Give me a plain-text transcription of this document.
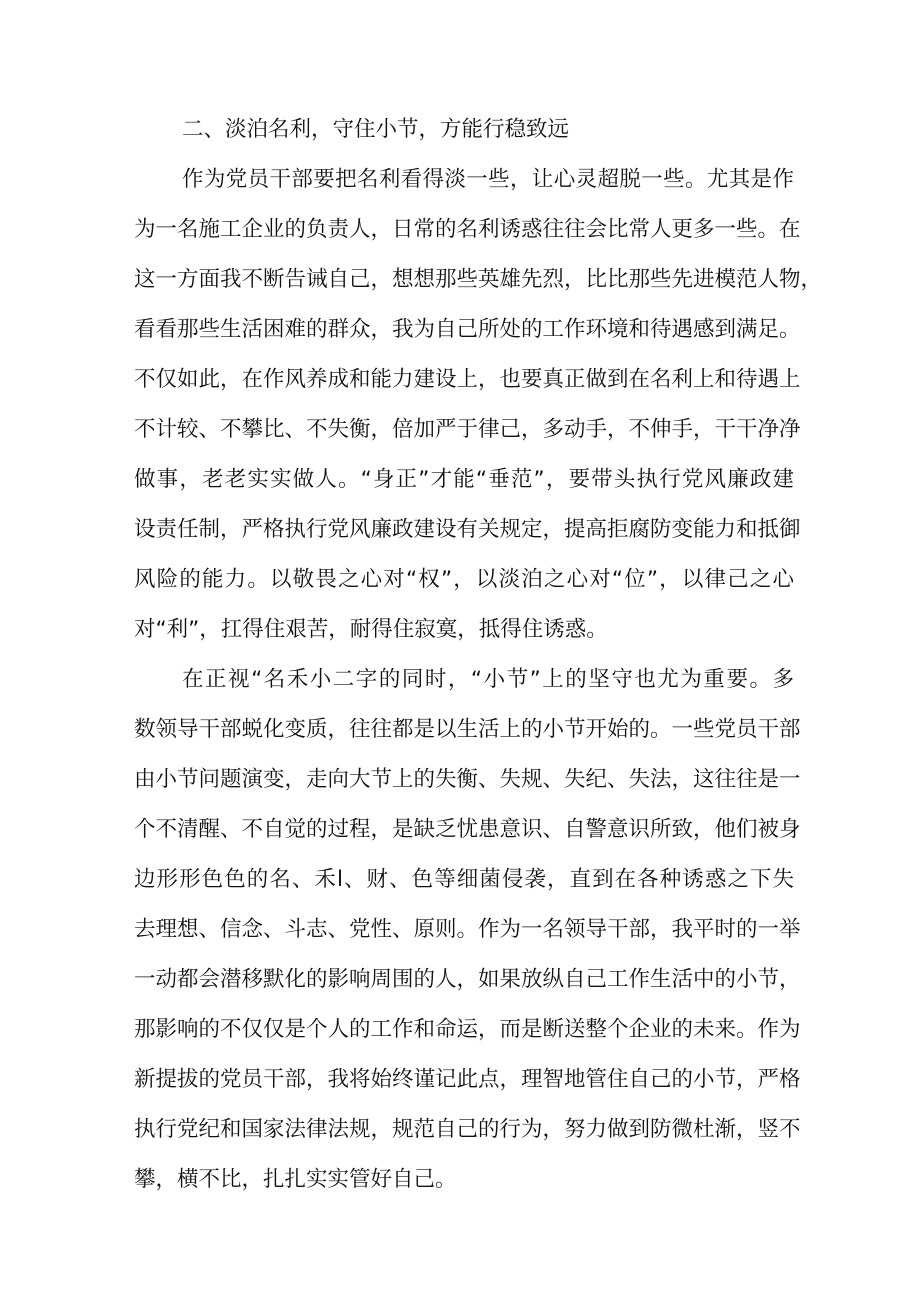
二、淡泊名利，守住小节，方能行稳致远
作为党员干部要把名利看得淡一些，让心灵超脱一些。尤其是作
为一名施工企业的负责人，日常的名利诱惑往往会比常人更多一些。在
这一方面我不断告诫自己，想想那些英雄先烈，比比那些先进模范人物，
看看那些生活困难的群众，我为自己所处的工作环境和待遇感到满足。
不仅如此，在作风养成和能力建设上，也要真正做到在名利上和待遇上
不计较、不攀比、不失衡，倍加严于律己，多动手，不伸手，干干净净
做事，老老实实做人。“身正”才能“垂范”，要带头执行党风廉政建
设责任制，严格执行党风廉政建设有关规定，提高拒腐防变能力和抵御
风险的能力。以敬畏之心对“权”，以淡泊之心对“位”，以律己之心
对“利”，扛得住艰苦，耐得住寂寞，抵得住诱惑。
在正视“名禾小二字的同时，“小节”上的坚守也尤为重要。多
数领导干部蜕化变质，往往都是以生活上的小节开始的。一些党员干部
由小节问题演变，走向大节上的失衡、失规、失纪、失法，这往往是一
个不清醒、不自觉的过程，是缺乏忧患意识、自警意识所致，他们被身
边形形色色的名、禾l、财、色等细菌侵袭，直到在各种诱惑之下失
去理想、信念、斗志、党性、原则。作为一名领导干部，我平时的一举
一动都会潜移默化的影响周围的人，如果放纵自己工作生活中的小节，
那影响的不仅仅是个人的工作和命运，而是断送整个企业的未来。作为
新提拔的党员干部，我将始终谨记此点，理智地管住自己的小节，严格
执行党纪和国家法律法规，规范自己的行为，努力做到防微杜渐，竖不
攀，横不比，扎扎实实管好自己。
